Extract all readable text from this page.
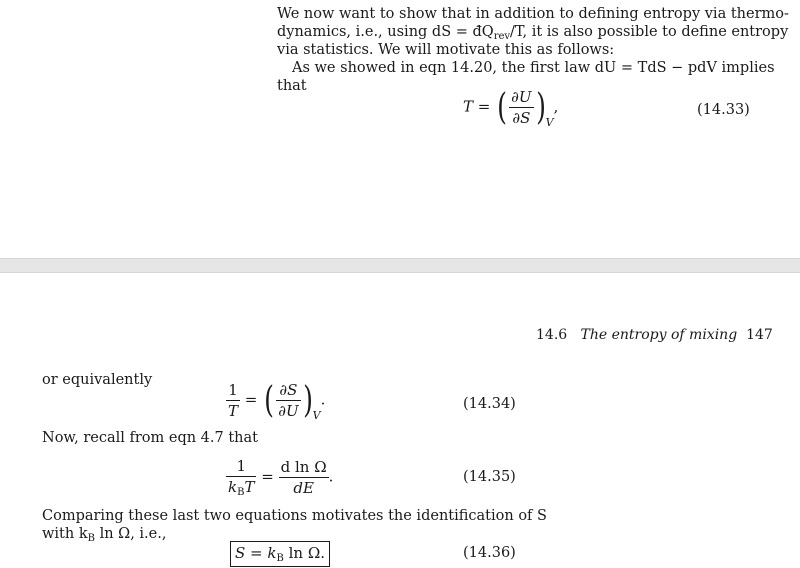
We now want to show that in addition to defining entropy via thermo-
dynamics, i.e., using dS = $đQ_{rev}/T$, it is also possible to define entropy
via statistics. We will motivate this as follows:
As we showed in eqn 14.20, the first law dU = TdS − pdV implies
that
T = ( $\frac{\partial U}{\partial S} )_V$,	(14.33)
14.6 The entropy of mixing 147
or equivalently
$\frac{1}{T}$ = ( $\frac{\partial S}{\partial U} )_V$.	(14.34)
Now, recall from eqn 4.7 that
$\frac{1}{k_BT} = \frac{\text{d ln Ω}}{dE}$ .	(14.35)
Comparing these last two equations motivates the identification of S
with $k_B$ ln Ω, i.e.,
$S = k_B$ ln Ω.	(14.36)
